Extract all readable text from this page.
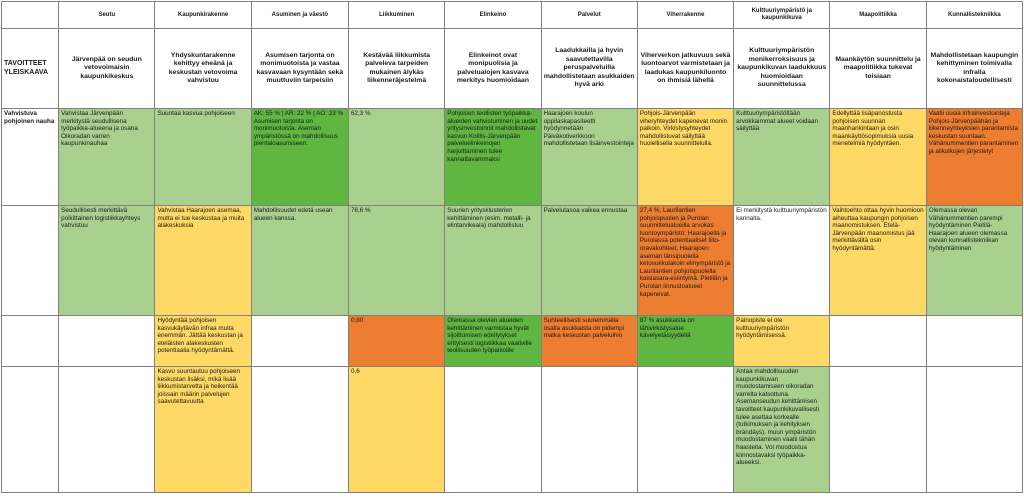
	Seutu	Kaupunkirakenne	Asuminen ja väestö	Liikkuminen	Elinkeino	Palvelut	Viherrakenne	Kulttuuriympäristö ja kaupunkikuva	Maapolitiikka	Kunnallistekniikka
TAVOITTEET YLEISKAAVA	Järvenpää on seudun vetovoimaisin kaupunkikeskus	Yhdyskuntarakenne kehittyy eheänä ja keskustan vetovoima vahvistuu	Asumisen tarjonta on monimuotoista ja vastaa kasvavaan kysyntään sekä muuttuviin tarpeisiin	Kestävää liikkumista palveleva tarpeiden mukainen älykäs liikenneräjestelmä	Elinkeinot ovat monipuolisia ja palvelualojen kasvava merkitys huomioidaan	Laadukkailla ja hyvin saavutettavilla peruspalveluilla mahdollistetaan asukkaiden hyvä arki	Viherverkon jatkuvuus sekä luontoarvot varmistetaan ja laadukas kaupunkiluonto on ihmisiä lähellä	Kulttuuriympäristön monikerroksisuus ja kaupunkikuvan laadukkuus huomioidaan suunnittelussa	Maankäytön suunnittelu ja maapolitiikka tukevat toisiaan	Mahdollistetaan kaupungin kehittyminen toimivalla infralla kokonaistaloudellisesti
Vahvistuva pohjoinen nauha	Vahvistaa Järvenpään merkitystä seudullisena työpaikka-alueena ja osana Oikoradan varren kaupunkinauhaa	Suuntaa kasvua pohjoiseen	AK: 55 % | AR: 22 % | AO: 23 % Asumisen tarjonta on monimuotoista. Aseman ympäristössä on mahdollisuus pientaloasumiseen.	62,3 %	Pohjoisen teollisten työpaikka-alueiden vahvistuminen ja uudet yritysinvestoinnit mahdollistavat kasvun Koillis-Järvenpään palveluelinkeinojen harjoittaminen tulee kannattavammaksi	Haarajoen koulun oppilaskapasiteetti hyödynnetään Päiväkotiverkkoon mahdollistetaan lisäinvestointeja	Pohjois-Järvenpään viheryhteydet kapenevat monin paikoin. Virkistysyhteydet mahdollistuvat säilyttää huolellisella suunnittelulla.	Kulttuuriympäristöltään arvokkaimmat alueet voidaan säilyttää	Edellyttää lisäpanostusta pohjoisen suunnan maanhankintaan ja osin maankäyttösopimuksia uusia menetelmiä hyödyntäen.	Vaatii uusia infrainvestointeja Pohjois-Järvenpäähän ja liikenneyhteyksien parantamista keskustan suuntaan. Vähänummentien parantaminen ja alikulkujen järjestelyt
	Seudullisesti merkittävä poikittainen logistiikkayhteys vahvistuu	Vahvistaa Haarajoen asemaa, mutta ei tue keskustaa ja muita alakeskuksia	Mahdollisuudet edetä usean alueen kanssa.	76,6 %	Suurien yritysklusterien kehittäminen (esim. metalli- ja elintarvikeala) mahdollistuu	Palvelutasoa vaikea ennustaa	27,4 %, Laurilantien pohjoispuolen ja Purolan suunnittelualueilla arvokas luontoympäristö; Haarajoella ja Purolassa potentiaaliset liito-oravakohteet, Haarajoen aseman länsipuolella ketosukkulakoin elinympäristö ja Laurilantien pohjoispuolella kaislasara-esiintymä. Pietilän ja Purolan linnustoalueet kapenevat.	Ei merkitystä kulttuuriympäristön kannalta.	Vaihtoehto ottaa hyvin huomioon aiheuttaa kaupungin pohjoisen maanomistuksen. Etelä-Järvenpään maanomistus jää merkittävältä osin hyödyntämättä.	Olemassa olevan Vähänummentien parempi hyödyntäminen Pietilä-Haarajoen alueen olemassa olevan kunnallistekniikan hyödyntäminen
		Hyödyntää pohjoisen kasvukäytävän infraa muita enemmän. Jättää keskustan ja eteläisten alakeskusten potentiaalia hyödyntämättä.		0,80	Olemassa olevien alueiden kehittäminen varmistaa hyvät sijoittumisen edellytykset erityisesti logistiikkaa vaativille teollisuuden työpaikoille	Suhteellisesti suuremmalla osalla asukkaista on pidempi matka keskustan palveluihin	87 % asukkaista on lähivirkistysalue kävelyetäisyydellä	Painopiste ei ole kulttuuriympäristön hyödyntämisessä.		
		Kasvu suuntautuu pohjoiseen keskustan lisäksi, mikä lisää liikkumistarvetta ja heikentää joissain määrin palvelujen saavutettavuutta		0,6				Antaa mahdollisuuden kaupunkikuvan muodostamiseen oikoradan varrelta katsottuna. Asemanseudun kehittämisen tavoitteet kaupunkikuvallisesti tulee asettaa korkealle (tutkimuksen ja kehityksen brändäys), muun ympäristön muodostaminen vaatii tähän haasteita. Voi muodostua kiinnostavaksi työpaikka-alueeksi.		
